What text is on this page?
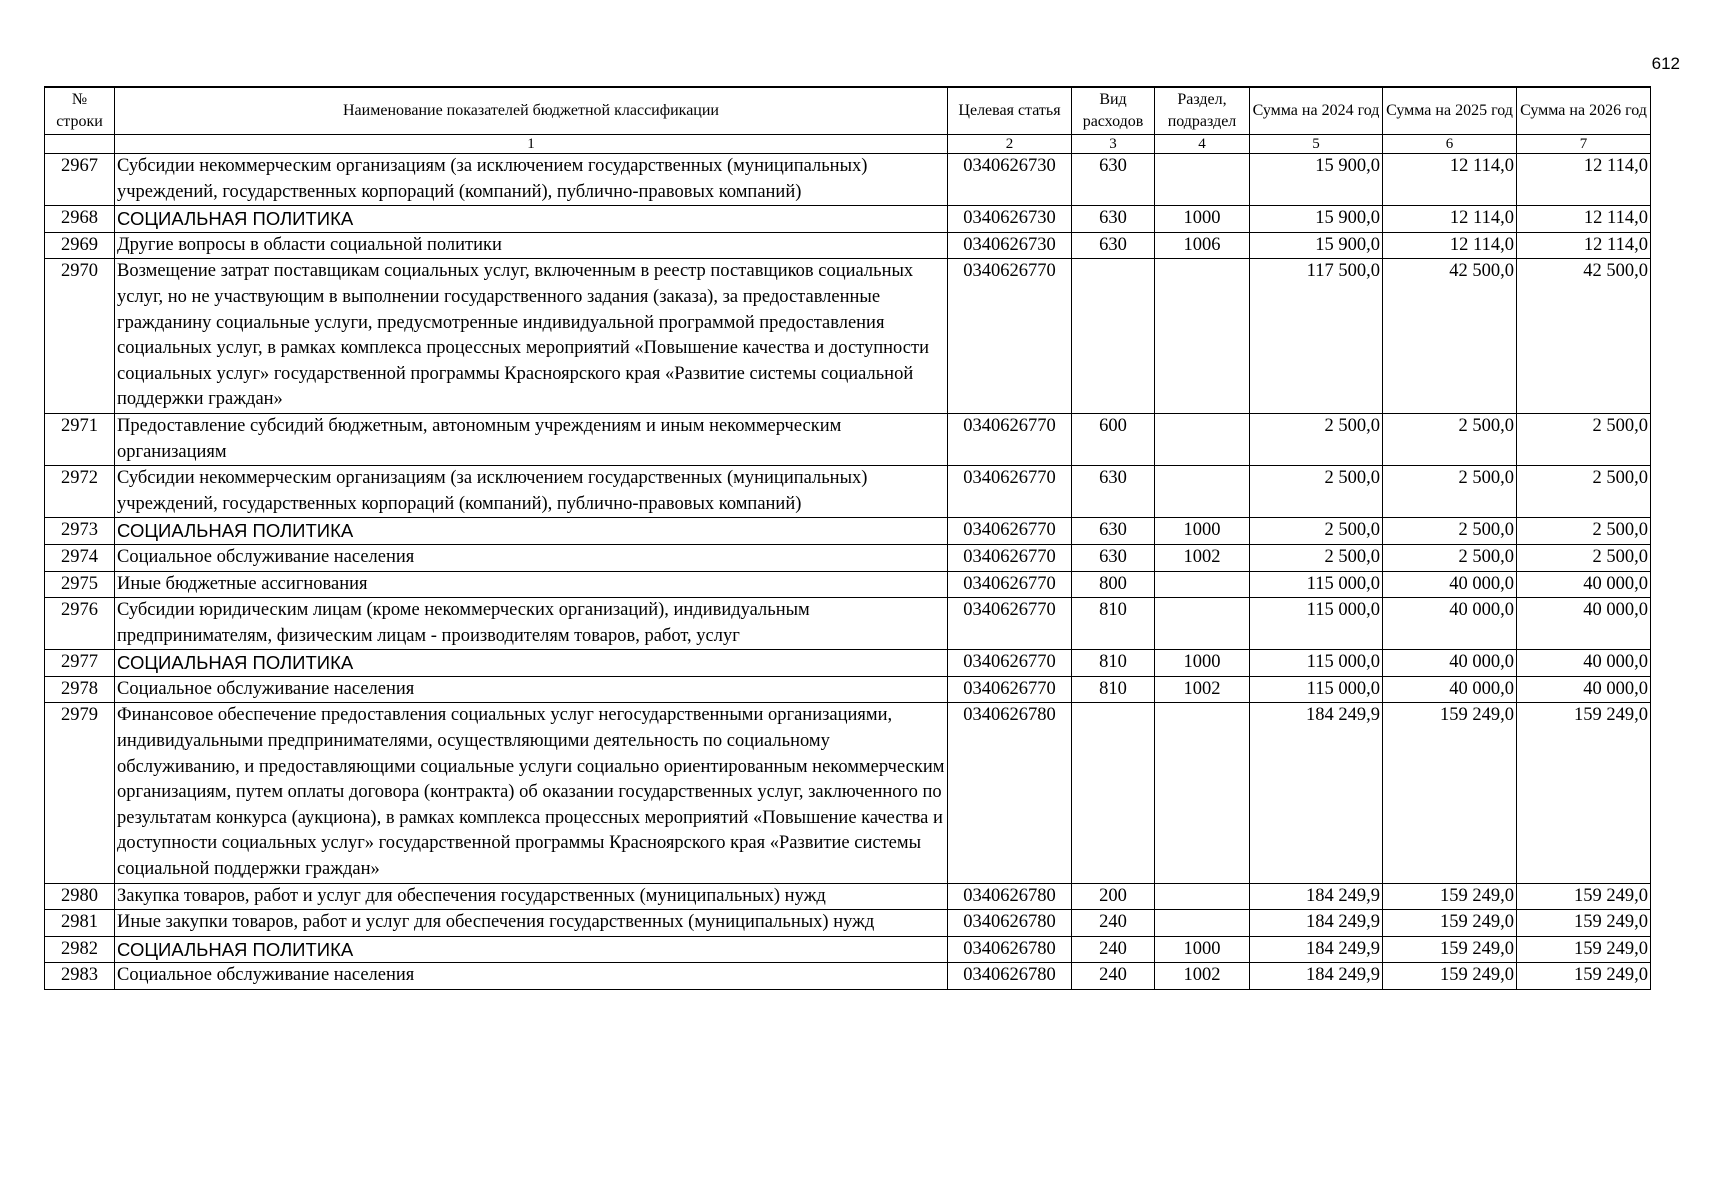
612
№ строки	Наименование показателей бюджетной классификации	Целевая статья	Вид расходов	Раздел, подраздел	Сумма на 2024 год	Сумма на 2025 год	Сумма на 2026 год
	1	2	3	4	5	6	7
2967	Субсидии некоммерческим организациям (за исключением государственных (муниципальных) учреждений, государственных корпораций (компаний), публично-правовых компаний)	0340626730	630		15 900,0	12 114,0	12 114,0
2968	СОЦИАЛЬНАЯ ПОЛИТИКА	0340626730	630	1000	15 900,0	12 114,0	12 114,0
2969	Другие вопросы в области социальной политики	0340626730	630	1006	15 900,0	12 114,0	12 114,0
2970	Возмещение затрат поставщикам социальных услуг, включенным в реестр поставщиков социальных услуг, но не участвующим в выполнении государственного задания (заказа), за предоставленные гражданину социальные услуги, предусмотренные индивидуальной программой предоставления социальных услуг, в рамках комплекса процессных мероприятий «Повышение качества и доступности социальных услуг» государственной программы Красноярского края «Развитие системы социальной поддержки граждан»	0340626770			117 500,0	42 500,0	42 500,0
2971	Предоставление субсидий бюджетным, автономным учреждениям и иным некоммерческим организациям	0340626770	600		2 500,0	2 500,0	2 500,0
2972	Субсидии некоммерческим организациям (за исключением государственных (муниципальных) учреждений, государственных корпораций (компаний), публично-правовых компаний)	0340626770	630		2 500,0	2 500,0	2 500,0
2973	СОЦИАЛЬНАЯ ПОЛИТИКА	0340626770	630	1000	2 500,0	2 500,0	2 500,0
2974	Социальное обслуживание населения	0340626770	630	1002	2 500,0	2 500,0	2 500,0
2975	Иные бюджетные ассигнования	0340626770	800		115 000,0	40 000,0	40 000,0
2976	Субсидии юридическим лицам (кроме некоммерческих организаций), индивидуальным предпринимателям, физическим лицам - производителям товаров, работ, услуг	0340626770	810		115 000,0	40 000,0	40 000,0
2977	СОЦИАЛЬНАЯ ПОЛИТИКА	0340626770	810	1000	115 000,0	40 000,0	40 000,0
2978	Социальное обслуживание населения	0340626770	810	1002	115 000,0	40 000,0	40 000,0
2979	Финансовое обеспечение предоставления социальных услуг негосударственными организациями, индивидуальными предпринимателями, осуществляющими деятельность по социальному обслуживанию, и предоставляющими социальные услуги социально ориентированным некоммерческим организациям, путем оплаты договора (контракта) об оказании государственных услуг, заключенного по результатам конкурса (аукциона), в рамках комплекса процессных мероприятий «Повышение качества и доступности социальных услуг» государственной программы Красноярского края «Развитие системы социальной поддержки граждан»	0340626780			184 249,9	159 249,0	159 249,0
2980	Закупка товаров, работ и услуг для обеспечения государственных (муниципальных) нужд	0340626780	200		184 249,9	159 249,0	159 249,0
2981	Иные закупки товаров, работ и услуг для обеспечения государственных (муниципальных) нужд	0340626780	240		184 249,9	159 249,0	159 249,0
2982	СОЦИАЛЬНАЯ ПОЛИТИКА	0340626780	240	1000	184 249,9	159 249,0	159 249,0
2983	Социальное обслуживание населения	0340626780	240	1002	184 249,9	159 249,0	159 249,0
